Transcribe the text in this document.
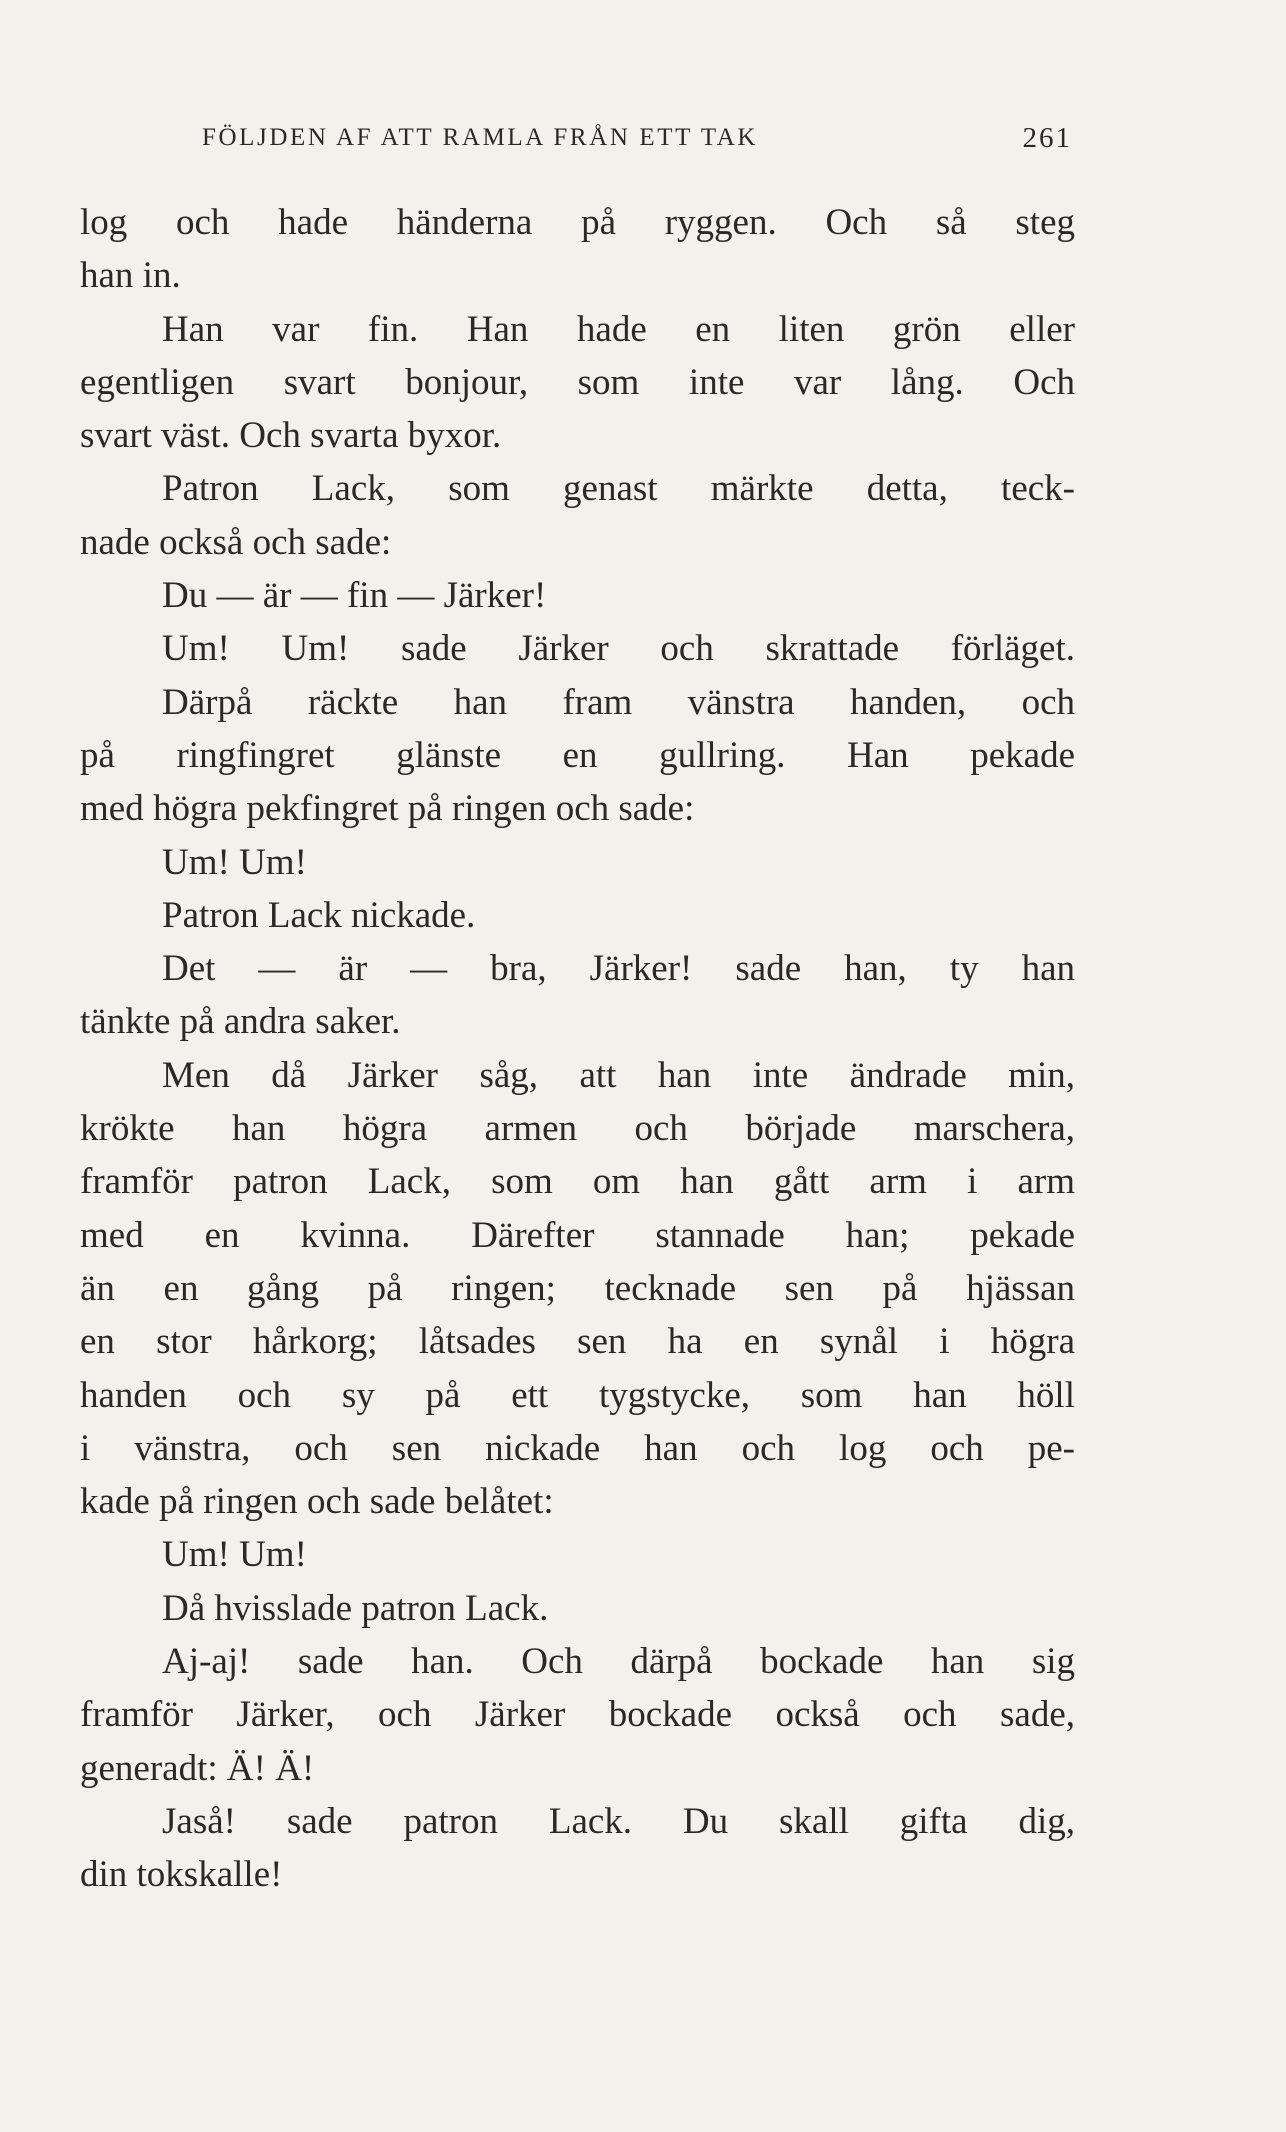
FÖLJDEN AF ATT RAMLA FRÅN ETT TAK	261
log och hade händerna på ryggen. Och så steg
han in.
Han var fin. Han hade en liten grön eller
egentligen svart bonjour, som inte var lång. Och
svart väst. Och svarta byxor.
Patron Lack, som genast märkte detta, teck-
nade också och sade:
Du — är — fin — Järker!
Um! Um! sade Järker och skrattade förläget.
Därpå räckte han fram vänstra handen, och
på ringfingret glänste en gullring. Han pekade
med högra pekfingret på ringen och sade:
Um! Um!
Patron Lack nickade.
Det — är — bra, Järker! sade han, ty han
tänkte på andra saker.
Men då Järker såg, att han inte ändrade min,
krökte han högra armen och började marschera,
framför patron Lack, som om han gått arm i arm
med en kvinna. Därefter stannade han; pekade
än en gång på ringen; tecknade sen på hjässan
en stor hårkorg; låtsades sen ha en synål i högra
handen och sy på ett tygstycke, som han höll
i vänstra, och sen nickade han och log och pe-
kade på ringen och sade belåtet:
Um! Um!
Då hvisslade patron Lack.
Aj-aj! sade han. Och därpå bockade han sig
framför Järker, och Järker bockade också och sade,
generadt: Ä! Ä!
Jaså! sade patron Lack. Du skall gifta dig,
din tokskalle!
